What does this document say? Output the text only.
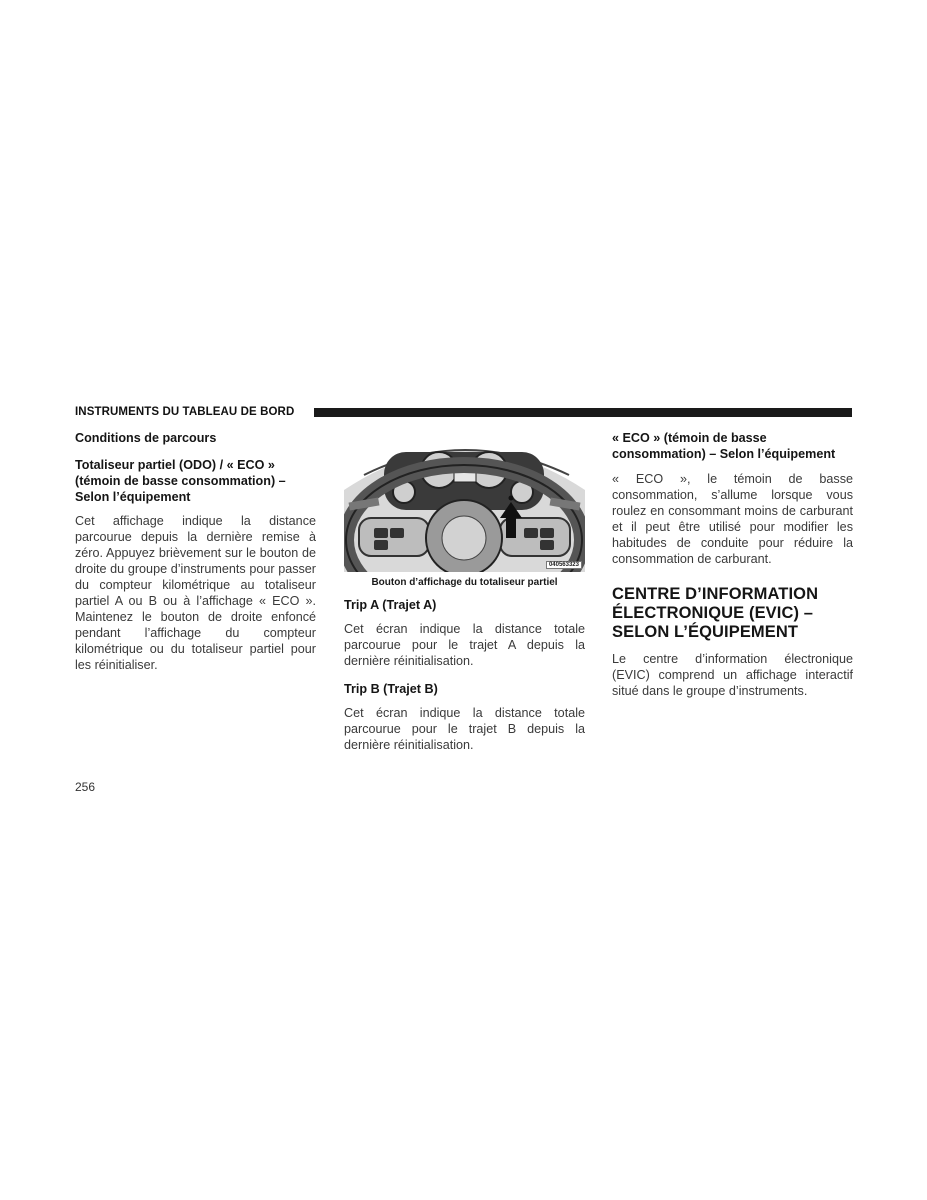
INSTRUMENTS DU TABLEAU DE BORD
Conditions de parcours
Totaliseur partiel (ODO) / « ECO » (témoin de basse consommation) – Selon l’équipement

Cet affichage indique la distance parcourue depuis la dernière remise à zéro. Appuyez brièvement sur le bouton de droite du groupe d’instruments pour passer du compteur kilométrique au totaliseur partiel A ou B ou à l’affichage « ECO ». Maintenez le bouton de droite enfoncé pendant l’affichage du compteur kilométrique ou du totaliseur partiel pour les réinitialiser.

040563323
Bouton d’affichage du totaliseur partiel
Trip A (Trajet A)

Cet écran indique la distance totale parcourue pour le trajet A depuis la dernière réinitialisation.

Trip B (Trajet B)

Cet écran indique la distance totale parcourue pour le trajet B depuis la dernière réinitialisation.

« ECO » (témoin de basse consommation) – Selon l’équipement

« ECO », le témoin de basse consommation, s’allume lorsque vous roulez en consommant moins de carburant et il peut être utilisé pour modifier les habitudes de conduite pour réduire la consommation de carburant.

CENTRE D’INFORMATION ÉLECTRONIQUE (EVIC) – SELON L’ÉQUIPEMENT

Le centre d’information électronique (EVIC) comprend un affichage interactif situé dans le groupe d’instruments.

256
